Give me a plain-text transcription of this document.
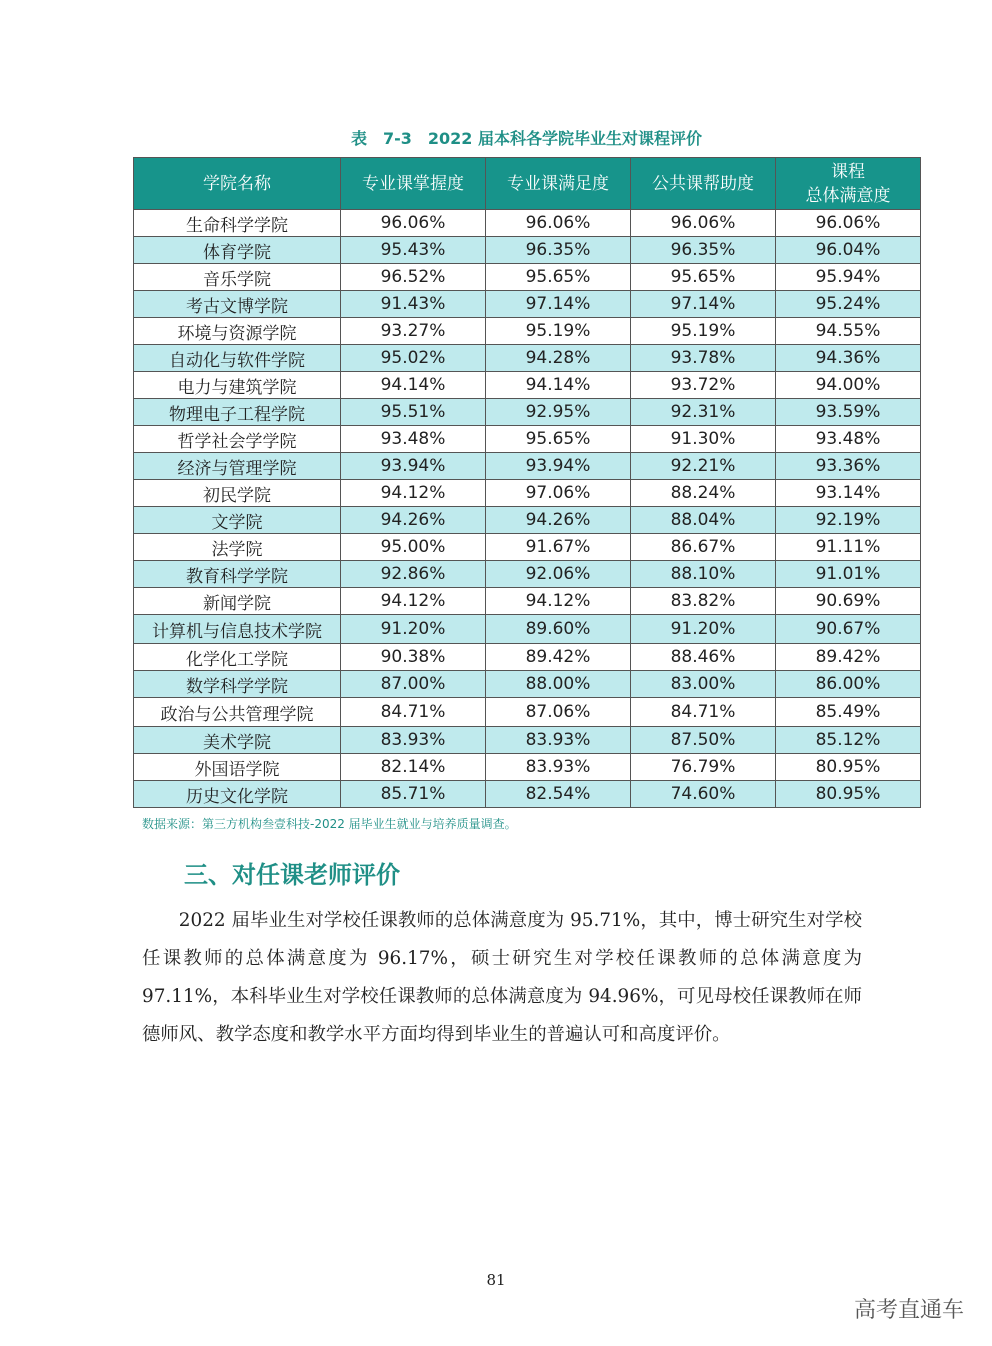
表　7-3　2022 届本科各学院毕业生对课程评价
学院名称	专业课掌握度	专业课满足度	公共课帮助度	课程
总体满意度
生命科学学院	96.06%	96.06%	96.06%	96.06%
体育学院	95.43%	96.35%	96.35%	96.04%
音乐学院	96.52%	95.65%	95.65%	95.94%
考古文博学院	91.43%	97.14%	97.14%	95.24%
环境与资源学院	93.27%	95.19%	95.19%	94.55%
自动化与软件学院	95.02%	94.28%	93.78%	94.36%
电力与建筑学院	94.14%	94.14%	93.72%	94.00%
物理电子工程学院	95.51%	92.95%	92.31%	93.59%
哲学社会学学院	93.48%	95.65%	91.30%	93.48%
经济与管理学院	93.94%	93.94%	92.21%	93.36%
初民学院	94.12%	97.06%	88.24%	93.14%
文学院	94.26%	94.26%	88.04%	92.19%
法学院	95.00%	91.67%	86.67%	91.11%
教育科学学院	92.86%	92.06%	88.10%	91.01%
新闻学院	94.12%	94.12%	83.82%	90.69%
计算机与信息技术学院	91.20%	89.60%	91.20%	90.67%
化学化工学院	90.38%	89.42%	88.46%	89.42%
数学科学学院	87.00%	88.00%	83.00%	86.00%
政治与公共管理学院	84.71%	87.06%	84.71%	85.49%
美术学院	83.93%	83.93%	87.50%	85.12%
外国语学院	82.14%	83.93%	76.79%	80.95%
历史文化学院	85.71%	82.54%	74.60%	80.95%
数据来源：第三方机构叁壹科技-2022 届毕业生就业与培养质量调查。
三、对任课老师评价
2022 届毕业生对学校任课教师的总体满意度为 95.71%，其中，博士研究生对学校任课教师的总体满意度为 96.17%，硕士研究生对学校任课教师的总体满意度为 97.11%，本科毕业生对学校任课教师的总体满意度为 94.96%，可见母校任课教师在师德师风、教学态度和教学水平方面均得到毕业生的普遍认可和高度评价。
81
高考直通车
